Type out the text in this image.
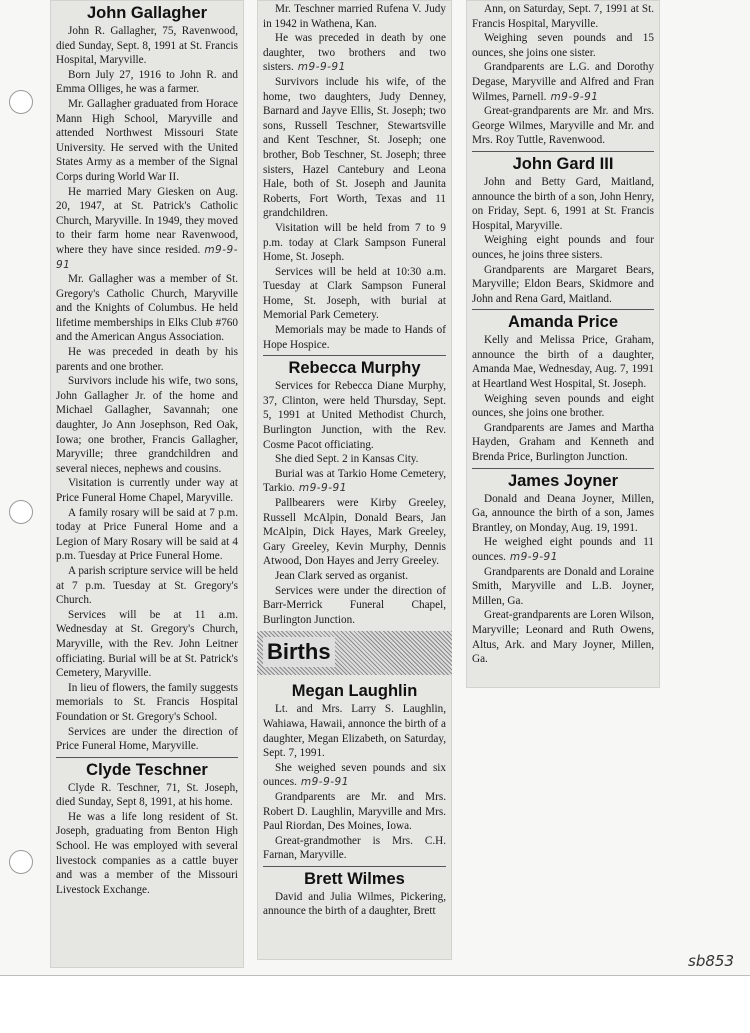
John Gallagher

John R. Gallagher, 75, Ravenwood, died Sunday, Sept. 8, 1991 at St. Francis Hospital, Maryville.

Born July 27, 1916 to John R. and Emma Olliges, he was a farmer.

Mr. Gallagher graduated from Horace Mann High School, Maryville and attended Northwest Missouri State University. He served with the United States Army as a member of the Signal Corps during World War II.

He married Mary Giesken on Aug. 20, 1947, at St. Patrick's Catholic Church, Maryville. In 1949, they moved to their farm home near Ravenwood, where they have since resided. m9-9-91

Mr. Gallagher was a member of St. Gregory's Catholic Church, Maryville and the Knights of Columbus. He held lifetime memberships in Elks Club #760 and the American Angus Association.

He was preceded in death by his parents and one brother.

Survivors include his wife, two sons, John Gallagher Jr. of the home and Michael Gallagher, Savannah; one daughter, Jo Ann Josephson, Red Oak, Iowa; one brother, Francis Gallagher, Maryville; three grandchildren and several nieces, nephews and cousins.

Visitation is currently under way at Price Funeral Home Chapel, Maryville.

A family rosary will be said at 7 p.m. today at Price Funeral Home and a Legion of Mary Rosary will be said at 4 p.m. Tuesday at Price Funeral Home.

A parish scripture service will be held at 7 p.m. Tuesday at St. Gregory's Church.

Services will be at 11 a.m. Wednesday at St. Gregory's Church, Maryville, with the Rev. John Leitner officiating. Burial will be at St. Patrick's Cemetery, Maryville.

In lieu of flowers, the family suggests memorials to St. Francis Hospital Foundation or St. Gregory's School.

Services are under the direction of Price Funeral Home, Maryville.

Clyde Teschner

Clyde R. Teschner, 71, St. Joseph, died Sunday, Sept 8, 1991, at his home.

He was a life long resident of St. Joseph, graduating from Benton High School. He was employed with several livestock companies as a cattle buyer and was a member of the Missouri Livestock Exchange.

Mr. Teschner married Rufena V. Judy in 1942 in Wathena, Kan.

He was preceded in death by one daughter, two brothers and two sisters. m9-9-91

Survivors include his wife, of the home, two daughters, Judy Denney, Barnard and Jayve Ellis, St. Joseph; two sons, Russell Teschner, Stewartsville and Kent Teschner, St. Joseph; one brother, Bob Teschner, St. Joseph; three sisters, Hazel Cantebury and Leona Hale, both of St. Joseph and Jaunita Roberts, Fort Worth, Texas and 11 grandchildren.

Visitation will be held from 7 to 9 p.m. today at Clark Sampson Funeral Home, St. Joseph.

Services will be held at 10:30 a.m. Tuesday at Clark Sampson Funeral Home, St. Joseph, with burial at Memorial Park Cemetery.

Memorials may be made to Hands of Hope Hospice.

Rebecca Murphy

Services for Rebecca Diane Murphy, 37, Clinton, were held Thursday, Sept. 5, 1991 at United Methodist Church, Burlington Junction, with the Rev. Cosme Pacot officiating.

She died Sept. 2 in Kansas City.

Burial was at Tarkio Home Cemetery, Tarkio. m9-9-91

Pallbearers were Kirby Greeley, Russell McAlpin, Donald Bears, Jan McAlpin, Dick Hayes, Mark Greeley, Gary Greeley, Kevin Murphy, Dennis Atwood, Don Hayes and Jerry Greeley.

Jean Clark served as organist.

Services were under the direction of Barr-Merrick Funeral Chapel, Burlington Junction.

Births
Megan Laughlin

Lt. and Mrs. Larry S. Laughlin, Wahiawa, Hawaii, annonce the birth of a daughter, Megan Elizabeth, on Saturday, Sept. 7, 1991.

She weighed seven pounds and six ounces. m9-9-91

Grandparents are Mr. and Mrs. Robert D. Laughlin, Maryville and Mrs. Paul Riordan, Des Moines, Iowa.

Great-grandmother is Mrs. C.H. Farnan, Maryville.

Brett Wilmes

David and Julia Wilmes, Pickering, announce the birth of a daughter, Brett

Ann, on Saturday, Sept. 7, 1991 at St. Francis Hospital, Maryville.

Weighing seven pounds and 15 ounces, she joins one sister.

Grandparents are L.G. and Dorothy Degase, Maryville and Alfred and Fran Wilmes, Parnell. m9-9-91

Great-grandparents are Mr. and Mrs. George Wilmes, Maryville and Mr. and Mrs. Roy Tuttle, Ravenwood.

John Gard III

John and Betty Gard, Maitland, announce the birth of a son, John Henry, on Friday, Sept. 6, 1991 at St. Francis Hospital, Maryville.

Weighing eight pounds and four ounces, he joins three sisters.

Grandparents are Margaret Bears, Maryville; Eldon Bears, Skidmore and John and Rena Gard, Maitland.

Amanda Price

Kelly and Melissa Price, Graham, announce the birth of a daughter, Amanda Mae, Wednesday, Aug. 7, 1991 at Heartland West Hospital, St. Joseph.

Weighing seven pounds and eight ounces, she joins one brother.

Grandparents are James and Martha Hayden, Graham and Kenneth and Brenda Price, Burlington Junction.

James Joyner

Donald and Deana Joyner, Millen, Ga, announce the birth of a son, James Brantley, on Monday, Aug. 19, 1991.

He weighed eight pounds and 11 ounces. m9-9-91

Grandparents are Donald and Loraine Smith, Maryville and L.B. Joyner, Millen, Ga.

Great-grandparents are Loren Wilson, Maryville; Leonard and Ruth Owens, Altus, Ark. and Mary Joyner, Millen, Ga.

sb853
